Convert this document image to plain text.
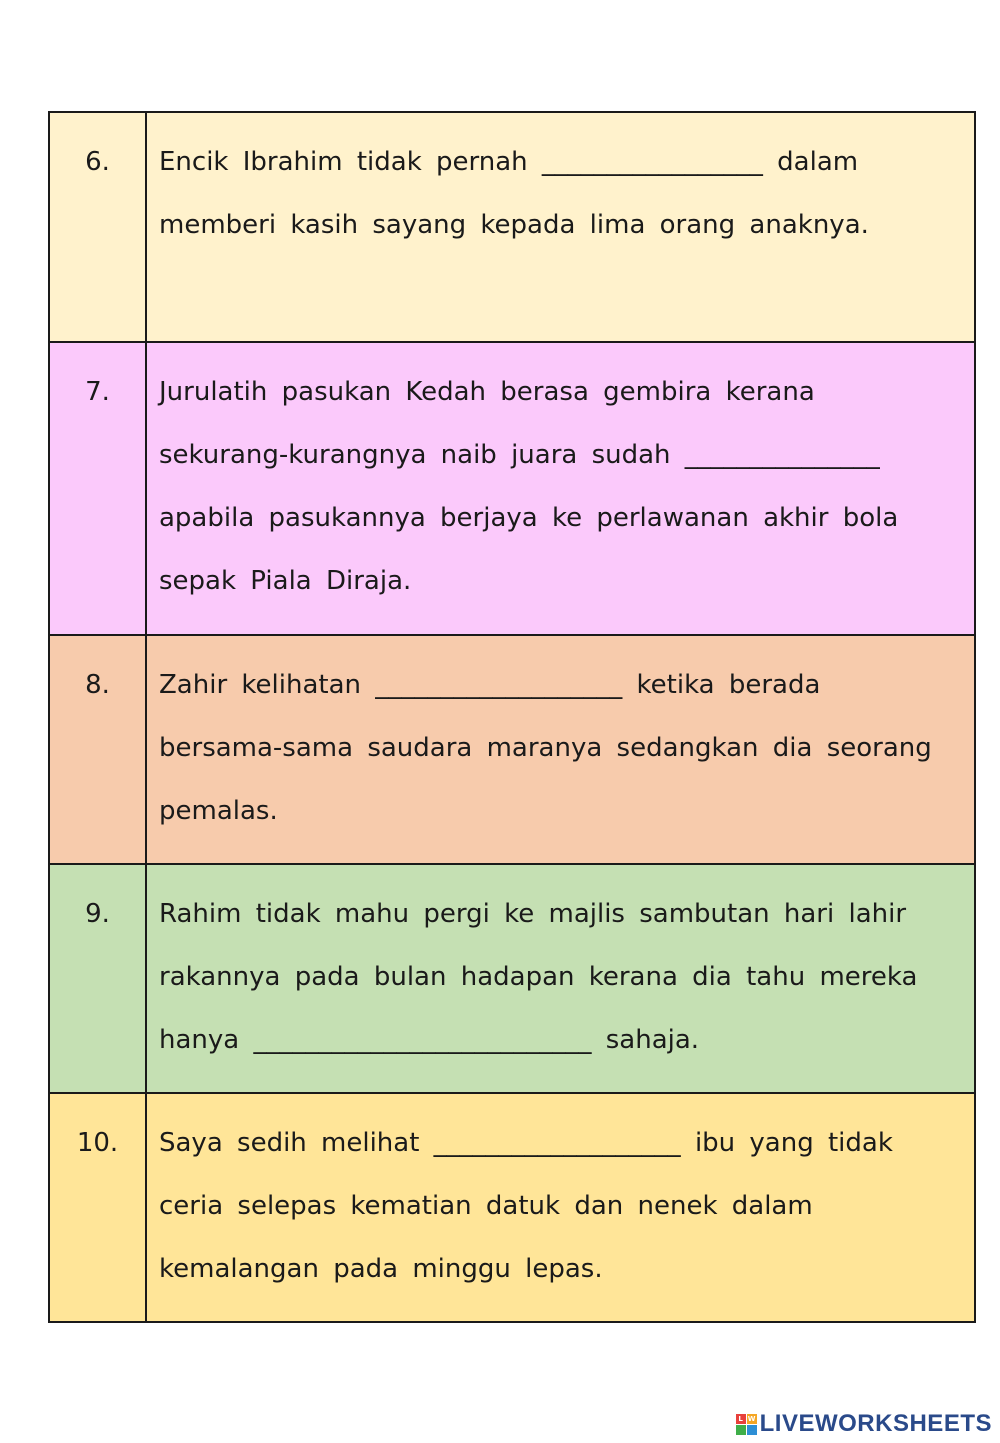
6.	Encik Ibrahim tidak pernah _________________ dalam memberi kasih sayang kepada lima orang anaknya.

7.	Jurulatih pasukan Kedah berasa gembira kerana sekurang-kurangnya naib juara sudah _______________ apabila pasukannya berjaya ke perlawanan akhir bola sepak Piala Diraja.

8.	Zahir kelihatan ___________________ ketika berada bersama-sama saudara maranya sedangkan dia seorang pemalas.

9.	Rahim tidak mahu pergi ke majlis sambutan hari lahir rakannya pada bulan hadapan kerana dia tahu mereka hanya __________________________ sahaja.

10.	Saya sedih melihat ___________________ ibu yang tidak ceria selepas kematian datuk dan nenek dalam kemalangan pada minggu lepas.

L W LIVEWORKSHEETS
